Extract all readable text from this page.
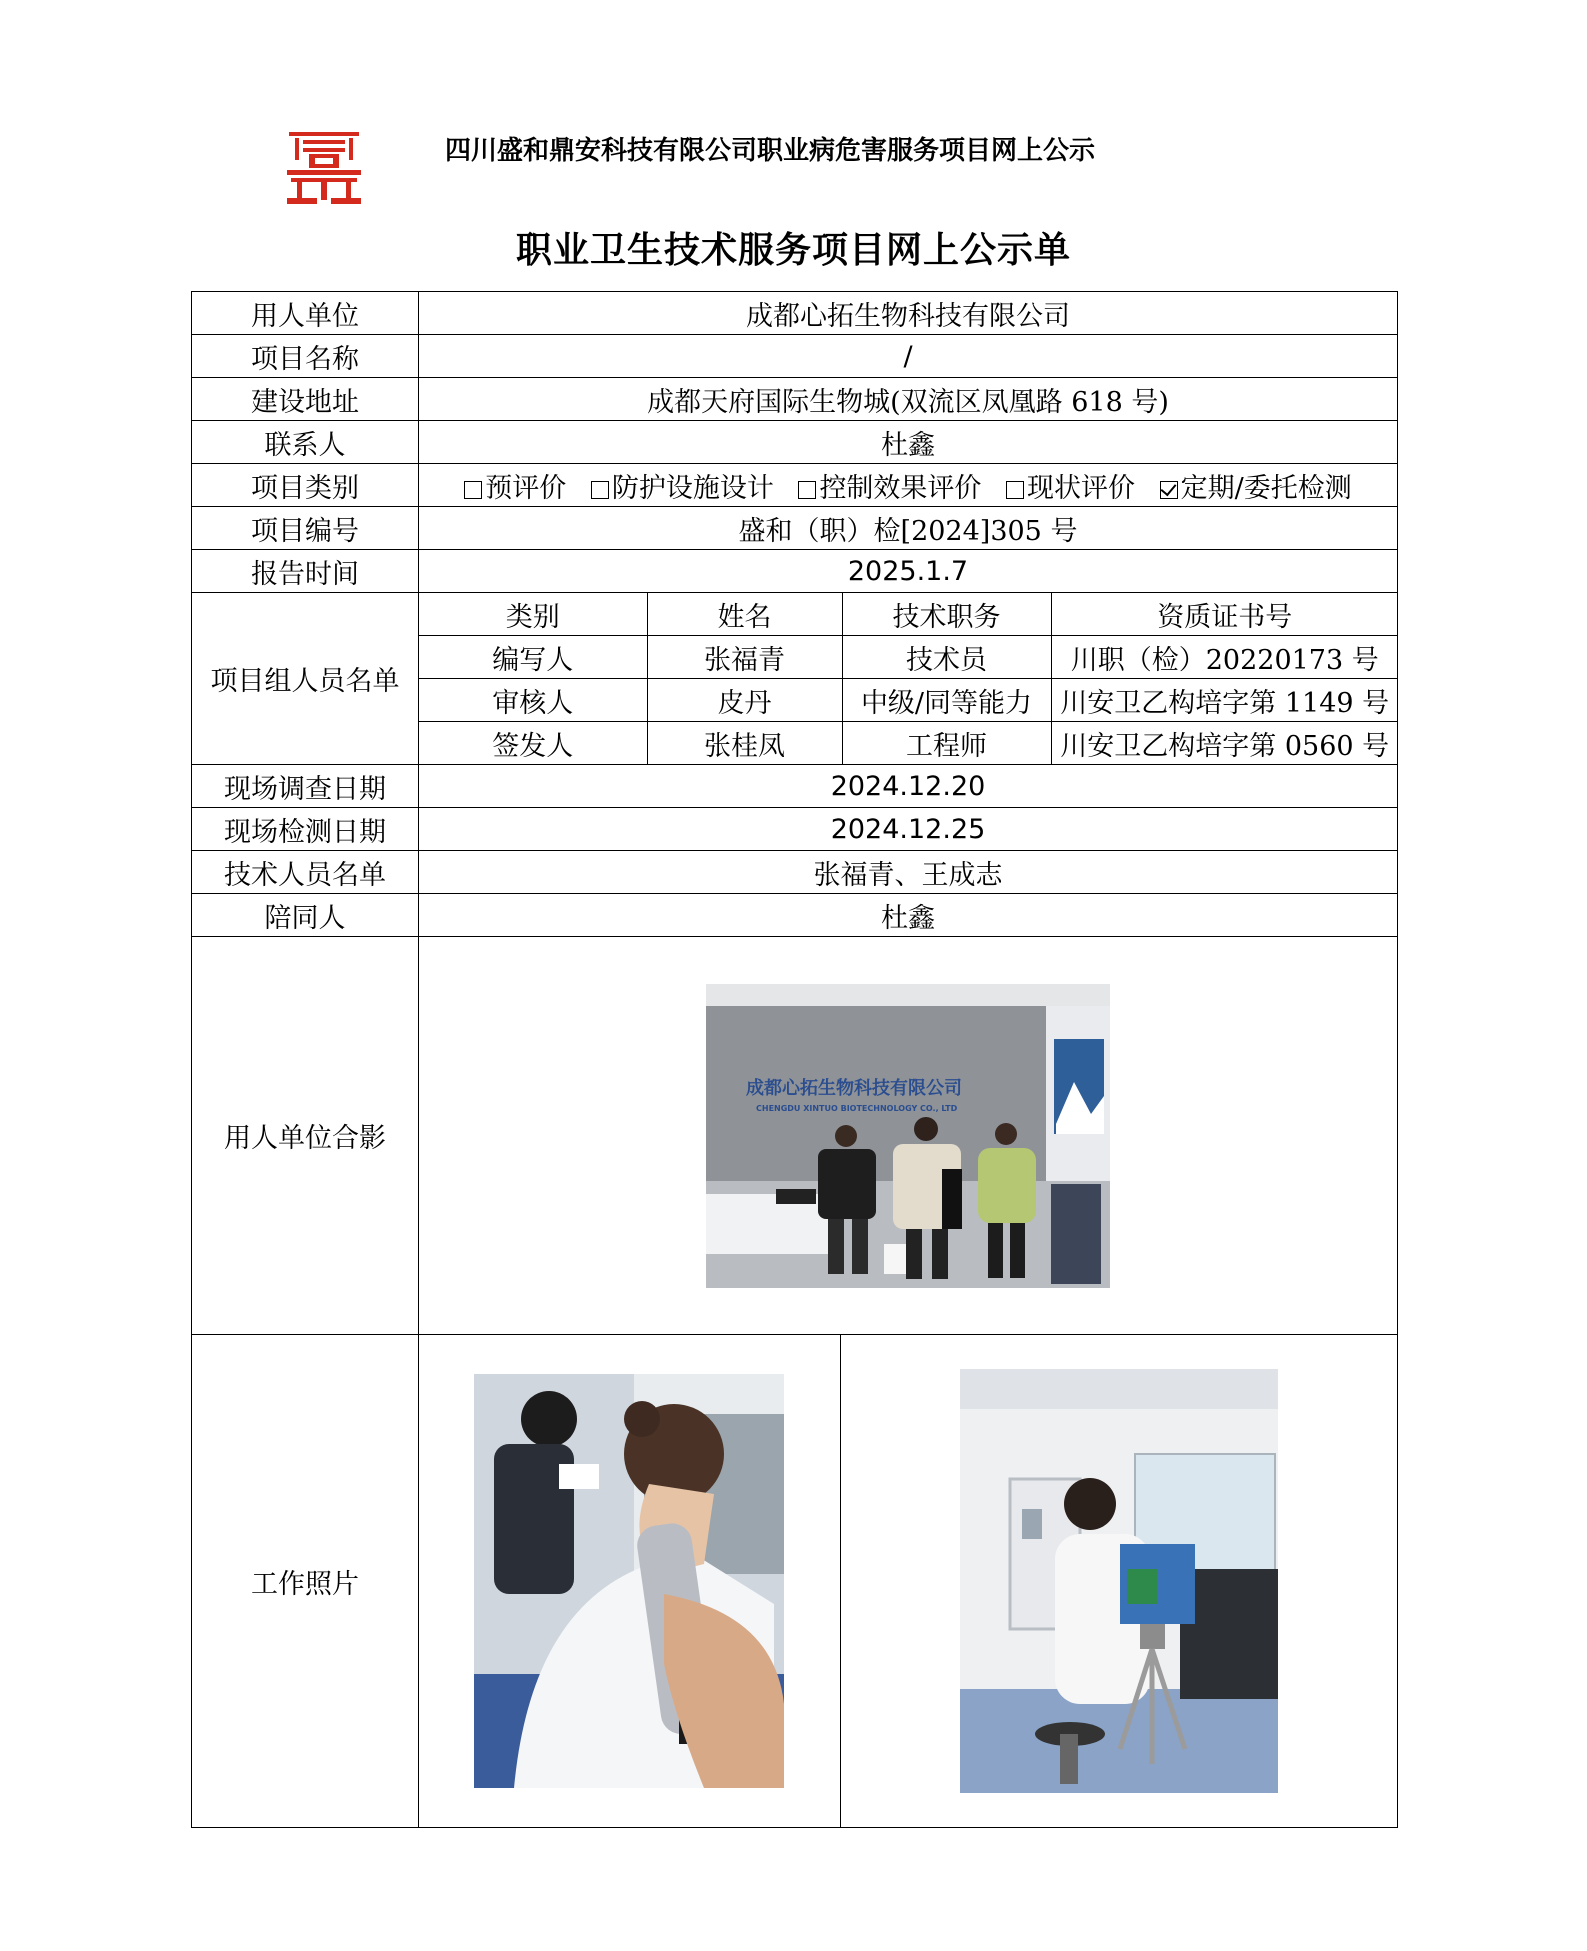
四川盛和鼎安科技有限公司职业病危害服务项目网上公示
职业卫生技术服务项目网上公示单
用人单位	成都心拓生物科技有限公司
项目名称	/
建设地址	成都天府国际生物城(双流区凤凰路 618 号)
联系人	杜鑫
项目类别	预评价 防护设施设计 控制效果评价 现状评价 定期/委托检测
项目编号	盛和（职）检[2024]305 号
报告时间	2025.1.7
项目组人员名单	
类别	姓名	技术职务	资质证书号
编写人	张福青	技术员	川职（检）20220173 号
审核人	皮丹	中级/同等能力	川安卫乙构培字第 1149 号
签发人	张桂凤	工程师	川安卫乙构培字第 0560 号

现场调查日期	2024.12.20
现场检测日期	2024.12.25
技术人员名单	张福青、王成志
陪同人	杜鑫
用人单位合影	
成都心拓生物科技有限公司
CHENGDU XINTUO BIOTECHNOLOGY CO., LTD

工作照片	
